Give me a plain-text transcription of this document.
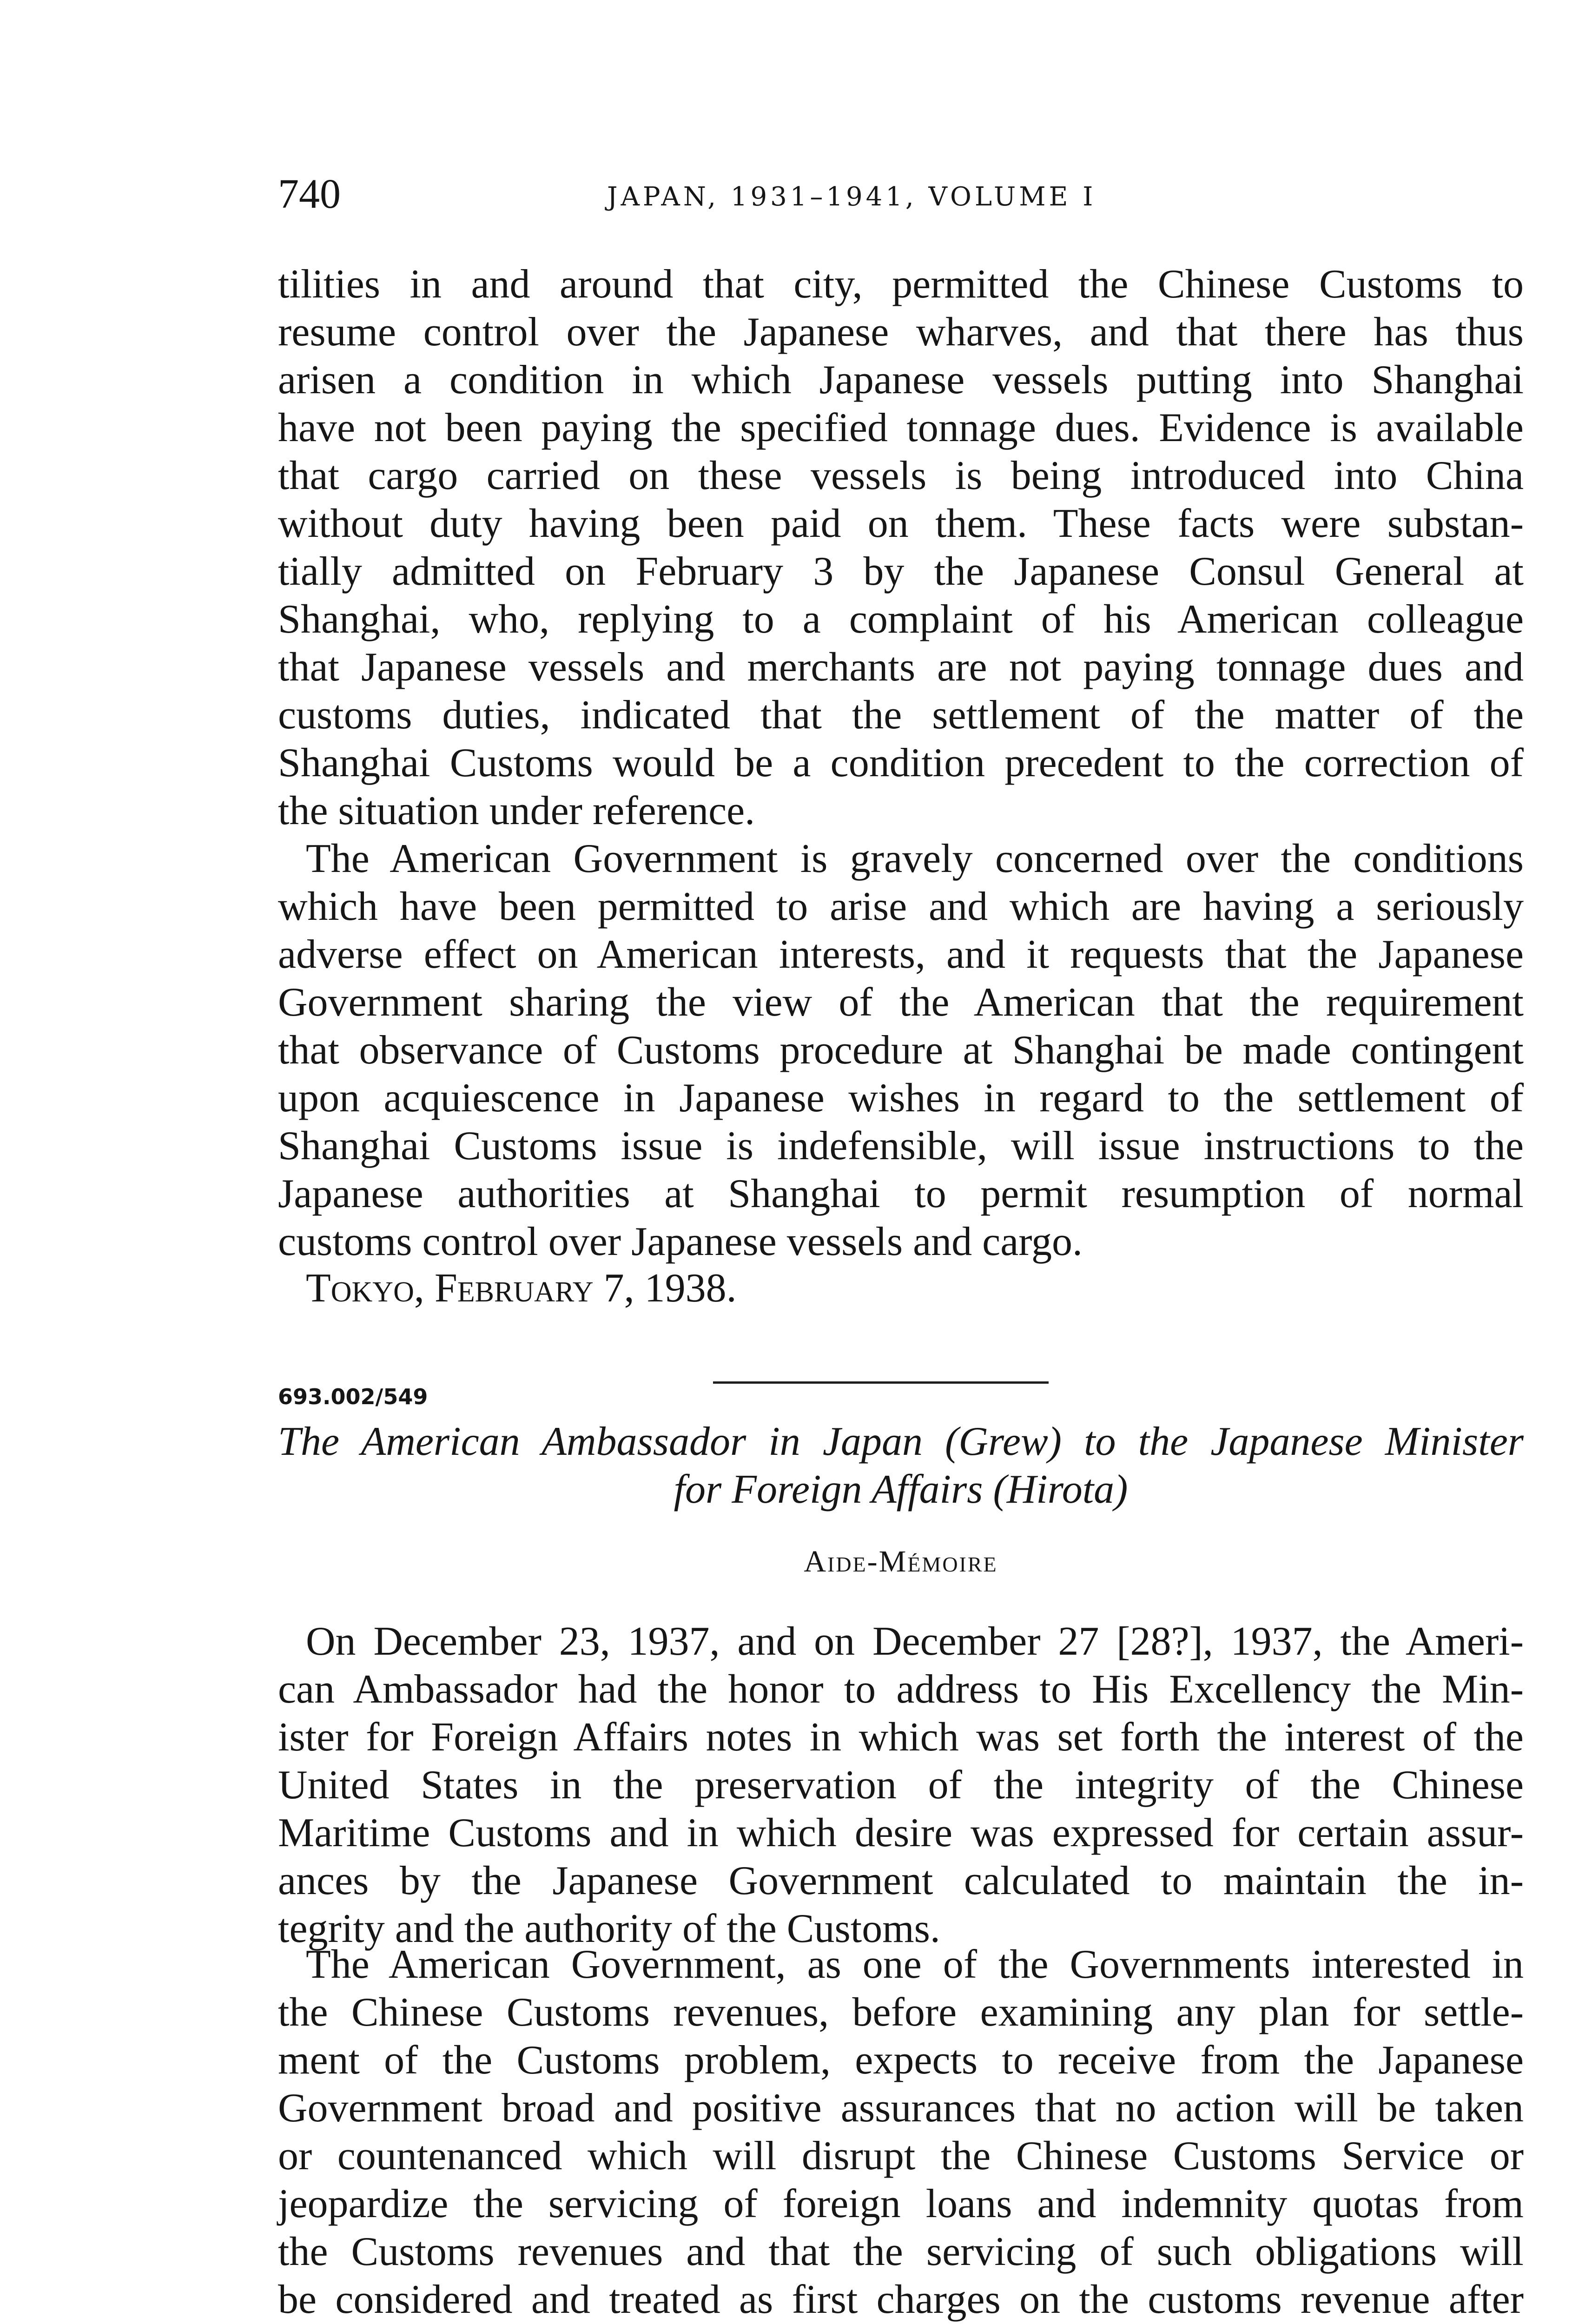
740	JAPAN, 1931–1941, VOLUME I

tilities in and around that city, permitted the Chinese Customs to
resume control over the Japanese wharves, and that there has thus
arisen a condition in which Japanese vessels putting into Shanghai
have not been paying the specified tonnage dues. Evidence is available
that cargo carried on these vessels is being introduced into China
without duty having been paid on them. These facts were substan-
tially admitted on February 3 by the Japanese Consul General at
Shanghai, who, replying to a complaint of his American colleague
that Japanese vessels and merchants are not paying tonnage dues and
customs duties, indicated that the settlement of the matter of the
Shanghai Customs would be a condition precedent to the correction of
the situation under reference.

The American Government is gravely concerned over the conditions
which have been permitted to arise and which are having a seriously
adverse effect on American interests, and it requests that the Japanese
Government sharing the view of the American that the requirement
that observance of Customs procedure at Shanghai be made contingent
upon acquiescence in Japanese wishes in regard to the settlement of
Shanghai Customs issue is indefensible, will issue instructions to the
Japanese authorities at Shanghai to permit resumption of normal
customs control over Japanese vessels and cargo.

Tokyo, February 7, 1938.
693.002/549
The American Ambassador in Japan (Grew) to the Japanese Minister
for Foreign Affairs (Hirota)
Aide-Mémoire

On December 23, 1937, and on December 27 [28?], 1937, the Ameri-
can Ambassador had the honor to address to His Excellency the Min-
ister for Foreign Affairs notes in which was set forth the interest of the
United States in the preservation of the integrity of the Chinese
Maritime Customs and in which desire was expressed for certain assur-
ances by the Japanese Government calculated to maintain the in-
tegrity and the authority of the Customs.

The American Government, as one of the Governments interested in
the Chinese Customs revenues, before examining any plan for settle-
ment of the Customs problem, expects to receive from the Japanese
Government broad and positive assurances that no action will be taken
or countenanced which will disrupt the Chinese Customs Service or
jeopardize the servicing of foreign loans and indemnity quotas from
the Customs revenues and that the servicing of such obligations will
be considered and treated as first charges on the customs revenue after
